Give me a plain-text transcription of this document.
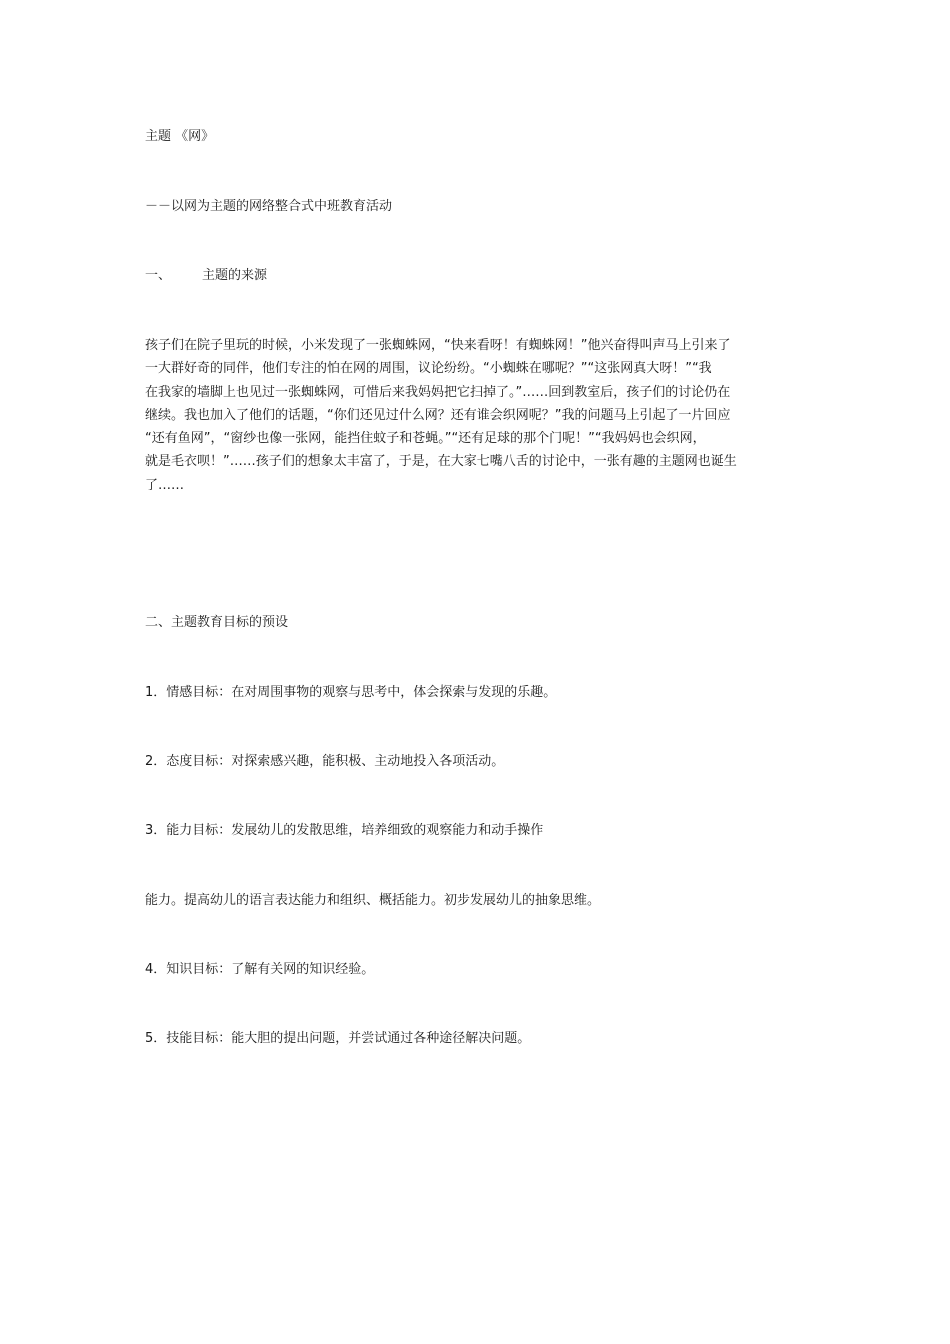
主题 《网》
－－以网为主题的网络整合式中班教育活动
一、 主题的来源
孩子们在院子里玩的时候，小米发现了一张蜘蛛网，“快来看呀！有蜘蛛网！”他兴奋得叫声马上引来了
一大群好奇的同伴，他们专注的怕在网的周围，议论纷纷。“小蜘蛛在哪呢？”“这张网真大呀！”“我
在我家的墙脚上也见过一张蜘蛛网，可惜后来我妈妈把它扫掉了。”……回到教室后，孩子们的讨论仍在
继续。我也加入了他们的话题，“你们还见过什么网？还有谁会织网呢？”我的问题马上引起了一片回应
“还有鱼网”，“窗纱也像一张网，能挡住蚊子和苍蝇。”“还有足球的那个门呢！”“我妈妈也会织网，
就是毛衣呗！”……孩子们的想象太丰富了，于是，在大家七嘴八舌的讨论中，一张有趣的主题网也诞生
了……
二、主题教育目标的预设
1．情感目标：在对周围事物的观察与思考中，体会探索与发现的乐趣。
2．态度目标：对探索感兴趣，能积极、主动地投入各项活动。
3．能力目标：发展幼儿的发散思维，培养细致的观察能力和动手操作
能力。提高幼儿的语言表达能力和组织、概括能力。初步发展幼儿的抽象思维。
4．知识目标：了解有关网的知识经验。
5．技能目标：能大胆的提出问题，并尝试通过各种途径解决问题。
